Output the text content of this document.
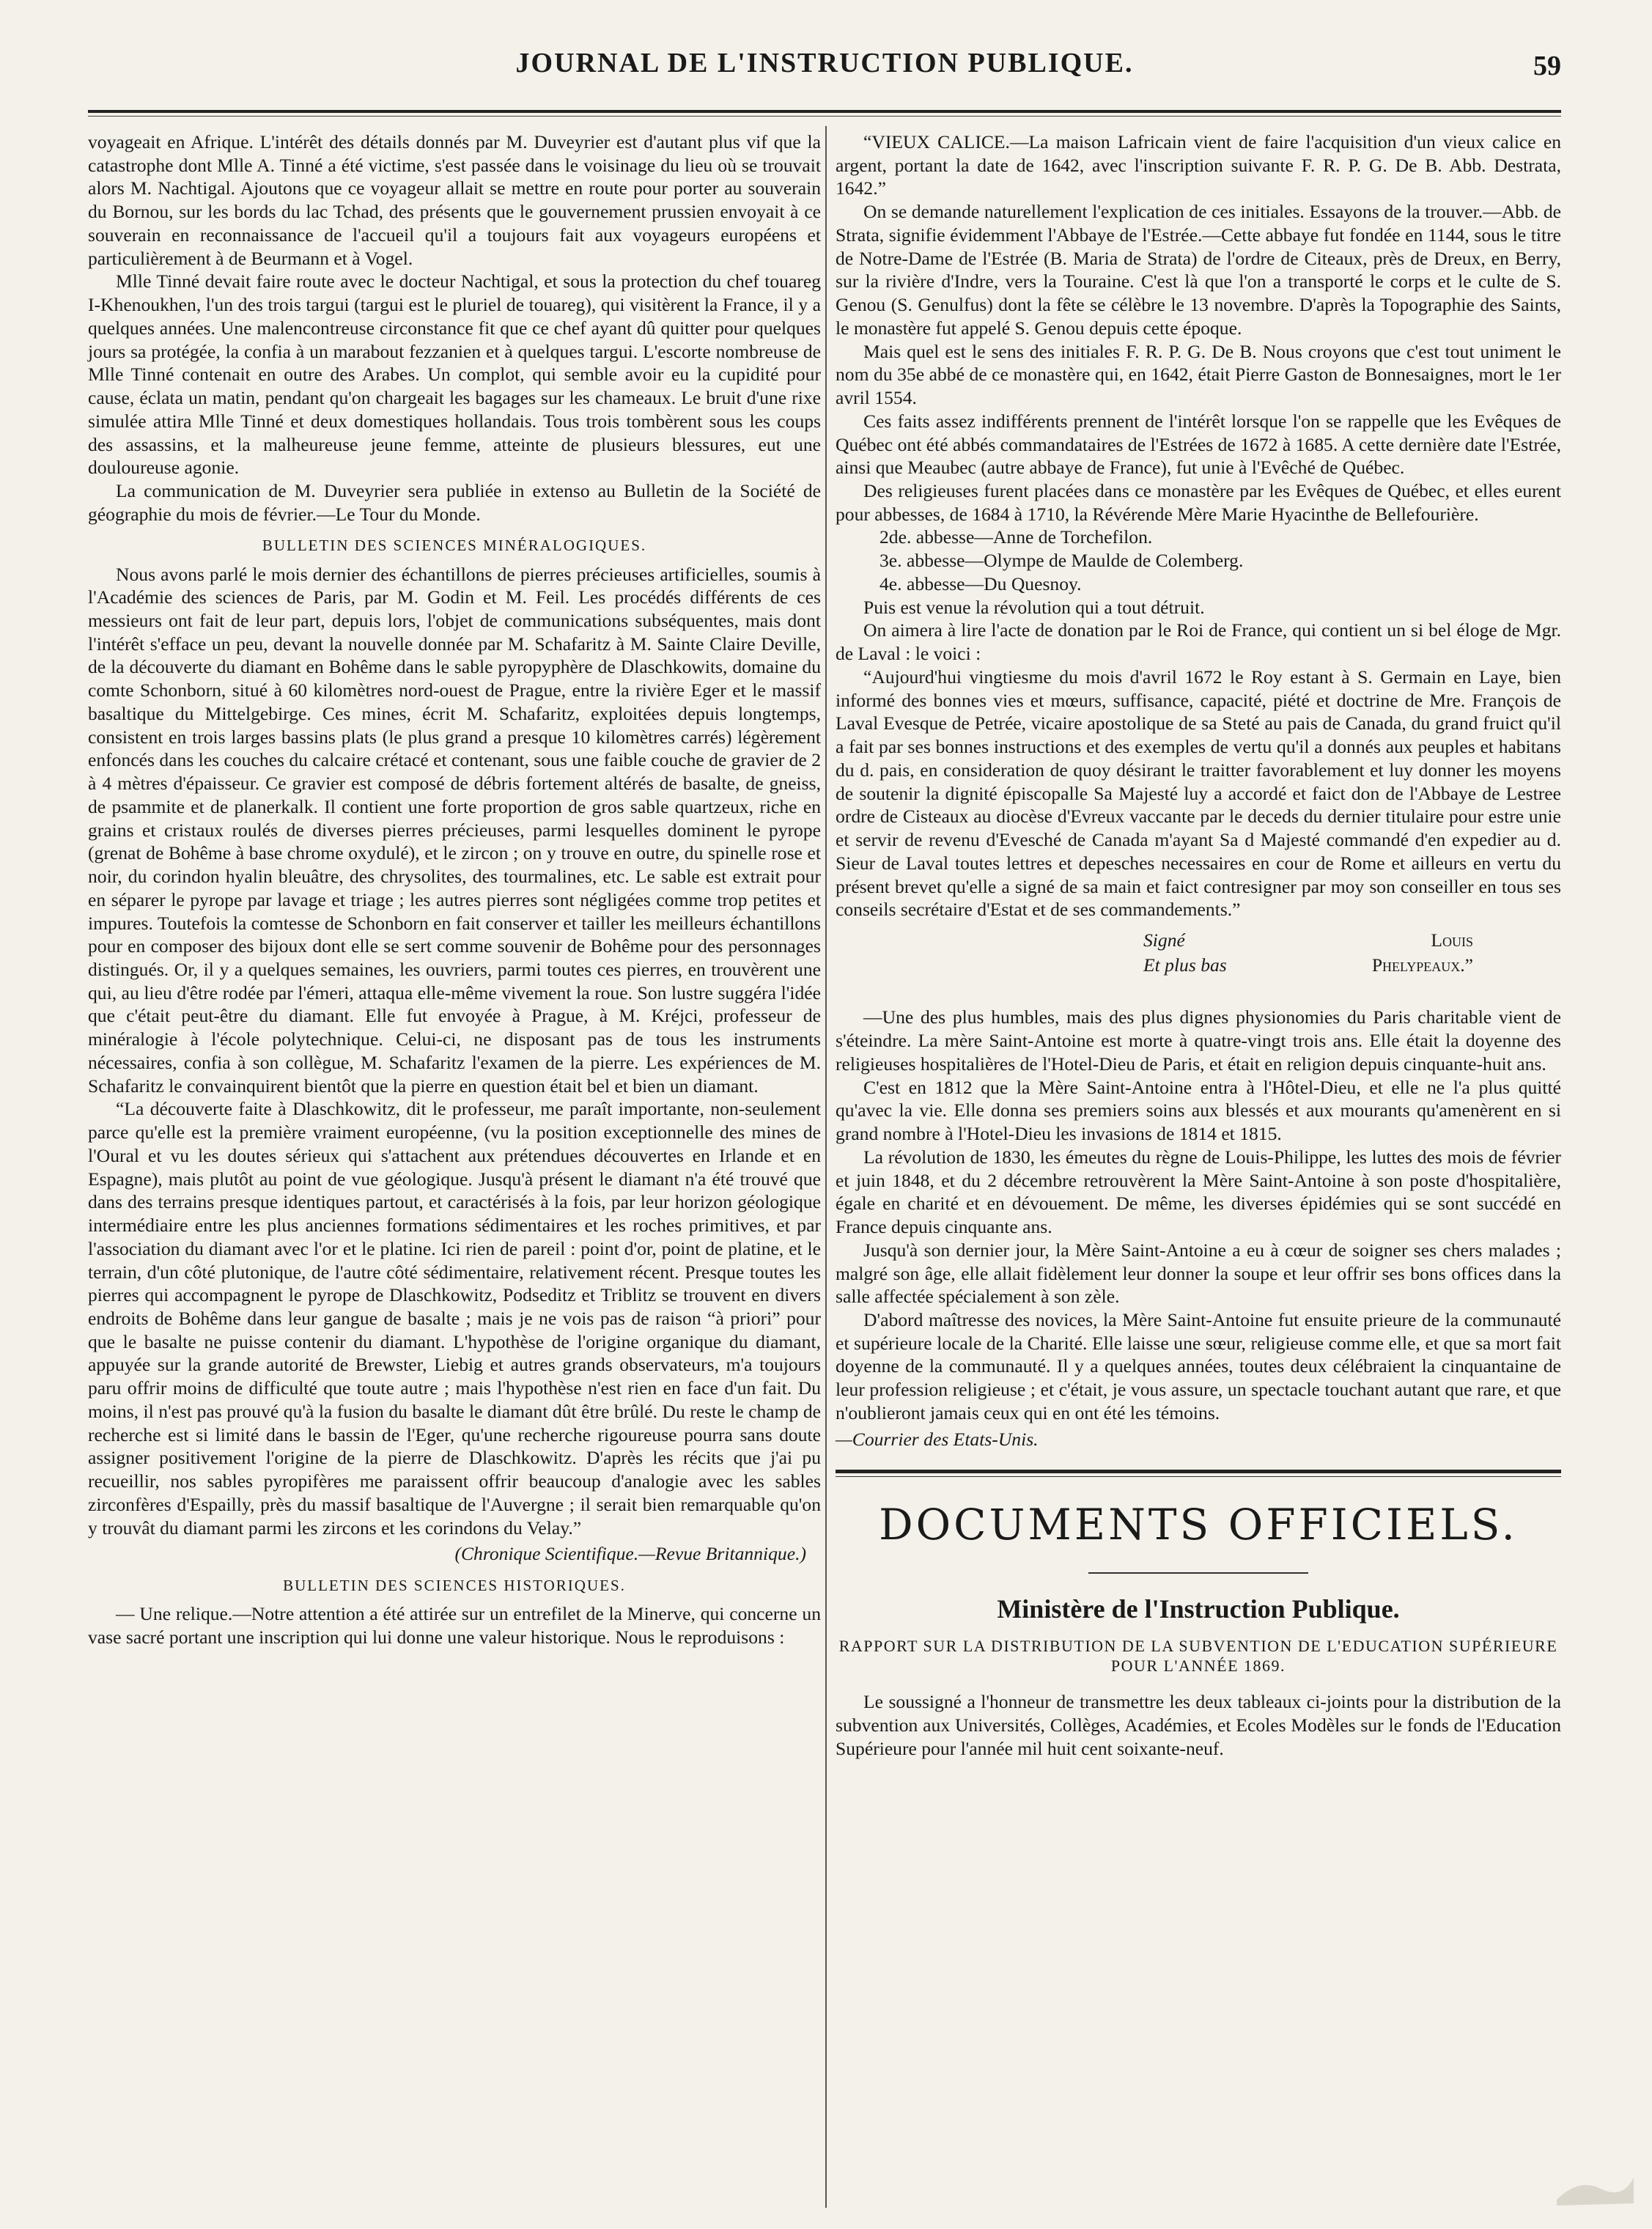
JOURNAL DE L'INSTRUCTION PUBLIQUE.	59

voyageait en Afrique. L'intérêt des détails donnés par M. Duveyrier est d'autant plus vif que la catastrophe dont Mlle A. Tinné a été victime, s'est passée dans le voisinage du lieu où se trouvait alors M. Nachtigal. Ajoutons que ce voyageur allait se mettre en route pour porter au souverain du Bornou, sur les bords du lac Tchad, des présents que le gouvernement prussien envoyait à ce souverain en reconnaissance de l'accueil qu'il a toujours fait aux voyageurs européens et particulièrement à de Beurmann et à Vogel.

Mlle Tinné devait faire route avec le docteur Nachtigal, et sous la protection du chef touareg I-Khenoukhen, l'un des trois targui (targui est le pluriel de touareg), qui visitèrent la France, il y a quelques années. Une malencontreuse circonstance fit que ce chef ayant dû quitter pour quelques jours sa protégée, la confia à un marabout fezzanien et à quelques targui. L'escorte nombreuse de Mlle Tinné contenait en outre des Arabes. Un complot, qui semble avoir eu la cupidité pour cause, éclata un matin, pendant qu'on chargeait les bagages sur les chameaux. Le bruit d'une rixe simulée attira Mlle Tinné et deux domestiques hollandais. Tous trois tombèrent sous les coups des assassins, et la malheureuse jeune femme, atteinte de plusieurs blessures, eut une douloureuse agonie.

La communication de M. Duveyrier sera publiée in extenso au Bulletin de la Société de géographie du mois de février.—Le Tour du Monde.

BULLETIN DES SCIENCES MINÉRALOGIQUES.

Nous avons parlé le mois dernier des échantillons de pierres précieuses artificielles, soumis à l'Académie des sciences de Paris, par M. Godin et M. Feil. Les procédés différents de ces messieurs ont fait de leur part, depuis lors, l'objet de communications subséquentes, mais dont l'intérêt s'efface un peu, devant la nouvelle donnée par M. Schafaritz à M. Sainte Claire Deville, de la découverte du diamant en Bohême dans le sable pyropyphère de Dlaschkowits, domaine du comte Schonborn, situé à 60 kilomètres nord-ouest de Prague, entre la rivière Eger et le massif basaltique du Mittelgebirge. Ces mines, écrit M. Schafaritz, exploitées depuis longtemps, consistent en trois larges bassins plats (le plus grand a presque 10 kilomètres carrés) légèrement enfoncés dans les couches du calcaire crétacé et contenant, sous une faible couche de gravier de 2 à 4 mètres d'épaisseur. Ce gravier est composé de débris fortement altérés de basalte, de gneiss, de psammite et de planerkalk. Il contient une forte proportion de gros sable quartzeux, riche en grains et cristaux roulés de diverses pierres précieuses, parmi lesquelles dominent le pyrope (grenat de Bohême à base chrome oxydulé), et le zircon ; on y trouve en outre, du spinelle rose et noir, du corindon hyalin bleuâtre, des chrysolites, des tourmalines, etc. Le sable est extrait pour en séparer le pyrope par lavage et triage ; les autres pierres sont négligées comme trop petites et impures. Toutefois la comtesse de Schonborn en fait conserver et tailler les meilleurs échantillons pour en composer des bijoux dont elle se sert comme souvenir de Bohême pour des personnages distingués. Or, il y a quelques semaines, les ouvriers, parmi toutes ces pierres, en trouvèrent une qui, au lieu d'être rodée par l'émeri, attaqua elle-même vivement la roue. Son lustre suggéra l'idée que c'était peut-être du diamant. Elle fut envoyée à Prague, à M. Kréjci, professeur de minéralogie à l'école polytechnique. Celui-ci, ne disposant pas de tous les instruments nécessaires, confia à son collègue, M. Schafaritz l'examen de la pierre. Les expériences de M. Schafaritz le convainquirent bientôt que la pierre en question était bel et bien un diamant.

“La découverte faite à Dlaschkowitz, dit le professeur, me paraît importante, non-seulement parce qu'elle est la première vraiment européenne, (vu la position exceptionnelle des mines de l'Oural et vu les doutes sérieux qui s'attachent aux prétendues découvertes en Irlande et en Espagne), mais plutôt au point de vue géologique. Jusqu'à présent le diamant n'a été trouvé que dans des terrains presque identiques partout, et caractérisés à la fois, par leur horizon géologique intermédiaire entre les plus anciennes formations sédimentaires et les roches primitives, et par l'association du diamant avec l'or et le platine. Ici rien de pareil : point d'or, point de platine, et le terrain, d'un côté plutonique, de l'autre côté sédimentaire, relativement récent. Presque toutes les pierres qui accompagnent le pyrope de Dlaschkowitz, Podseditz et Triblitz se trouvent en divers endroits de Bohême dans leur gangue de basalte ; mais je ne vois pas de raison “à priori” pour que le basalte ne puisse contenir du diamant. L'hypothèse de l'origine organique du diamant, appuyée sur la grande autorité de Brewster, Liebig et autres grands observateurs, m'a toujours paru offrir moins de difficulté que toute autre ; mais l'hypothèse n'est rien en face d'un fait. Du moins, il n'est pas prouvé qu'à la fusion du basalte le diamant dût être brûlé. Du reste le champ de recherche est si limité dans le bassin de l'Eger, qu'une recherche rigoureuse pourra sans doute assigner positivement l'origine de la pierre de Dlaschkowitz. D'après les récits que j'ai pu recueillir, nos sables pyropifères me paraissent offrir beaucoup d'analogie avec les sables zirconfères d'Espailly, près du massif basaltique de l'Auvergne ; il serait bien remarquable qu'on y trouvât du diamant parmi les zircons et les corindons du Velay.”

(Chronique Scientifique.—Revue Britannique.)
BULLETIN DES SCIENCES HISTORIQUES.

— Une relique.—Notre attention a été attirée sur un entrefilet de la Minerve, qui concerne un vase sacré portant une inscription qui lui donne une valeur historique. Nous le reproduisons :

“VIEUX CALICE.—La maison Lafricain vient de faire l'acquisition d'un vieux calice en argent, portant la date de 1642, avec l'inscription suivante F. R. P. G. De B. Abb. Destrata, 1642.”

On se demande naturellement l'explication de ces initiales. Essayons de la trouver.—Abb. de Strata, signifie évidemment l'Abbaye de l'Estrée.—Cette abbaye fut fondée en 1144, sous le titre de Notre-Dame de l'Estrée (B. Maria de Strata) de l'ordre de Citeaux, près de Dreux, en Berry, sur la rivière d'Indre, vers la Touraine. C'est là que l'on a transporté le corps et le culte de S. Genou (S. Genulfus) dont la fête se célèbre le 13 novembre. D'après la Topographie des Saints, le monastère fut appelé S. Genou depuis cette époque.

Mais quel est le sens des initiales F. R. P. G. De B. Nous croyons que c'est tout uniment le nom du 35e abbé de ce monastère qui, en 1642, était Pierre Gaston de Bonnesaignes, mort le 1er avril 1554.

Ces faits assez indifférents prennent de l'intérêt lorsque l'on se rappelle que les Evêques de Québec ont été abbés commandataires de l'Estrées de 1672 à 1685. A cette dernière date l'Estrée, ainsi que Meaubec (autre abbaye de France), fut unie à l'Evêché de Québec.

Des religieuses furent placées dans ce monastère par les Evêques de Québec, et elles eurent pour abbesses, de 1684 à 1710, la Révérende Mère Marie Hyacinthe de Bellefourière.

2de. abbesse—Anne de Torchefilon.

3e. abbesse—Olympe de Maulde de Colemberg.

4e. abbesse—Du Quesnoy.

Puis est venue la révolution qui a tout détruit.

On aimera à lire l'acte de donation par le Roi de France, qui contient un si bel éloge de Mgr. de Laval : le voici :

“Aujourd'hui vingtiesme du mois d'avril 1672 le Roy estant à S. Germain en Laye, bien informé des bonnes vies et mœurs, suffisance, capacité, piété et doctrine de Mre. François de Laval Evesque de Petrée, vicaire apostolique de sa Steté au pais de Canada, du grand fruict qu'il a fait par ses bonnes instructions et des exemples de vertu qu'il a donnés aux peuples et habitans du d. pais, en consideration de quoy désirant le traitter favorablement et luy donner les moyens de soutenir la dignité épiscopalle Sa Majesté luy a accordé et faict don de l'Abbaye de Lestree ordre de Cisteaux au diocèse d'Evreux vaccante par le deceds du dernier titulaire pour estre unie et servir de revenu d'Evesché de Canada m'ayant Sa d Majesté commandé d'en expedier au d. Sieur de Laval toutes lettres et depesches necessaires en cour de Rome et ailleurs en vertu du présent brevet qu'elle a signé de sa main et faict contresigner par moy son conseiller en tous ses conseils secrétaire d'Estat et de ses commandements.”

Signé	Louis
Et plus bas	Phelypeaux.”

—Une des plus humbles, mais des plus dignes physionomies du Paris charitable vient de s'éteindre. La mère Saint-Antoine est morte à quatre-vingt trois ans. Elle était la doyenne des religieuses hospitalières de l'Hotel-Dieu de Paris, et était en religion depuis cinquante-huit ans.

C'est en 1812 que la Mère Saint-Antoine entra à l'Hôtel-Dieu, et elle ne l'a plus quitté qu'avec la vie. Elle donna ses premiers soins aux blessés et aux mourants qu'amenèrent en si grand nombre à l'Hotel-Dieu les invasions de 1814 et 1815.

La révolution de 1830, les émeutes du règne de Louis-Philippe, les luttes des mois de février et juin 1848, et du 2 décembre retrouvèrent la Mère Saint-Antoine à son poste d'hospitalière, égale en charité et en dévouement. De même, les diverses épidémies qui se sont succédé en France depuis cinquante ans.

Jusqu'à son dernier jour, la Mère Saint-Antoine a eu à cœur de soigner ses chers malades ; malgré son âge, elle allait fidèlement leur donner la soupe et leur offrir ses bons offices dans la salle affectée spécialement à son zèle.

D'abord maîtresse des novices, la Mère Saint-Antoine fut ensuite prieure de la communauté et supérieure locale de la Charité. Elle laisse une sœur, religieuse comme elle, et que sa mort fait doyenne de la communauté. Il y a quelques années, toutes deux célébraient la cinquantaine de leur profession religieuse ; et c'était, je vous assure, un spectacle touchant autant que rare, et que n'oublieront jamais ceux qui en ont été les témoins.

—Courrier des Etats-Unis.
DOCUMENTS OFFICIELS.
Ministère de l'Instruction Publique.
RAPPORT SUR LA DISTRIBUTION DE LA SUBVENTION DE L'EDUCATION SUPÉRIEURE POUR L'ANNÉE 1869.

Le soussigné a l'honneur de transmettre les deux tableaux ci-joints pour la distribution de la subvention aux Universités, Collèges, Académies, et Ecoles Modèles sur le fonds de l'Education Supérieure pour l'année mil huit cent soixante-neuf.
